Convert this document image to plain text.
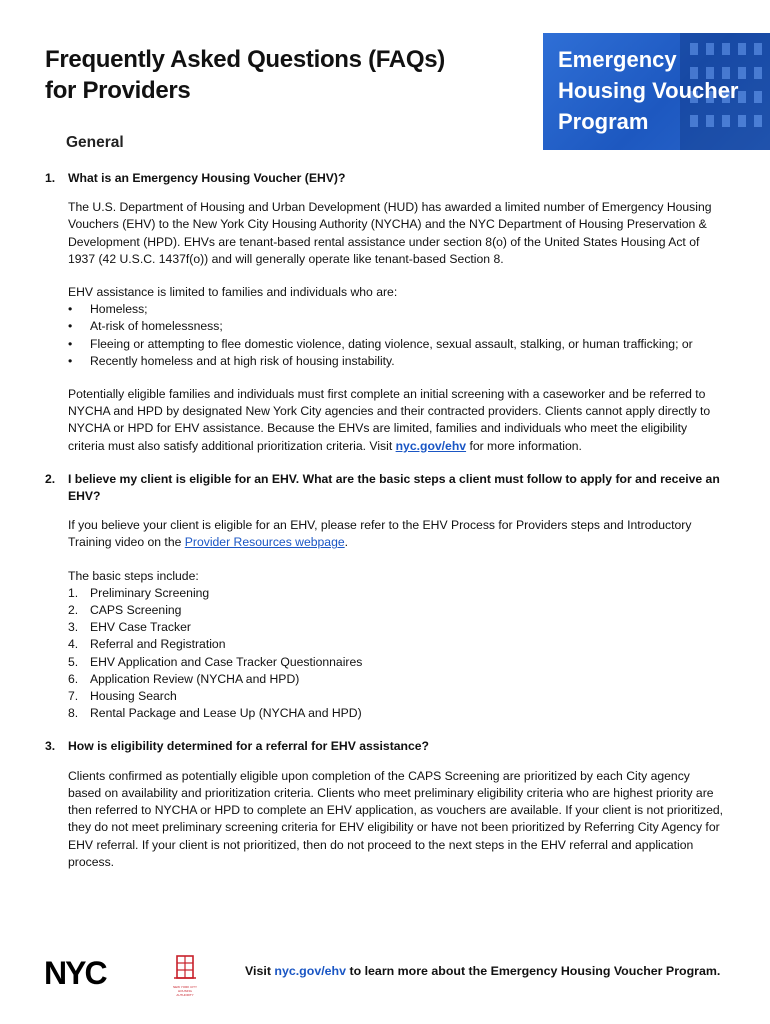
Frequently Asked Questions (FAQs)
for Providers
Emergency
Housing Voucher
Program
General
1.	What is an Emergency Housing Voucher (EHV)?

The U.S. Department of Housing and Urban Development (HUD) has awarded a limited number of Emergency Housing Vouchers (EHV) to the New York City Housing Authority (NYCHA) and the NYC Department of Housing Preservation & Development (HPD). EHVs are tenant-based rental assistance under section 8(o) of the United States Housing Act of 1937 (42 U.S.C. 1437f(o)) and will generally operate like tenant-based Section 8.

EHV assistance is limited to families and individuals who are:
•	Homeless;
•	At-risk of homelessness;
•	Fleeing or attempting to flee domestic violence, dating violence, sexual assault, stalking, or human trafficking; or
•	Recently homeless and at high risk of housing instability.

Potentially eligible families and individuals must first complete an initial screening with a caseworker and be referred to NYCHA and HPD by designated New York City agencies and their contracted providers. Clients cannot apply directly to NYCHA or HPD for EHV assistance. Because the EHVs are limited, families and individuals who meet the eligibility criteria must also satisfy additional prioritization criteria. Visit nyc.gov/ehv for more information.

2.	I believe my client is eligible for an EHV. What are the basic steps a client must follow to apply for and receive an EHV?

If you believe your client is eligible for an EHV, please refer to the EHV Process for Providers steps and Introductory Training video on the Provider Resources webpage.

The basic steps include:
1. Preliminary Screening
2. CAPS Screening
3. EHV Case Tracker
4. Referral and Registration
5. EHV Application and Case Tracker Questionnaires
6. Application Review (NYCHA and HPD)
7. Housing Search
8. Rental Package and Lease Up (NYCHA and HPD)
3.	How is eligibility determined for a referral for EHV assistance?

Clients confirmed as potentially eligible upon completion of the CAPS Screening are prioritized by each City agency based on availability and prioritization criteria. Clients who meet preliminary eligibility criteria who are highest priority are then referred to NYCHA or HPD to complete an EHV application, as vouchers are available. If your client is not prioritized, they do not meet preliminary screening criteria for EHV eligibility or have not been prioritized by Referring City Agency for EHV referral. If your client is not prioritized, then do not proceed to the next steps in the EHV referral and application process.

NYC	NEW YORK CITY HOUSING AUTHORITY
Visit nyc.gov/ehv to learn more about the Emergency Housing Voucher Program.
